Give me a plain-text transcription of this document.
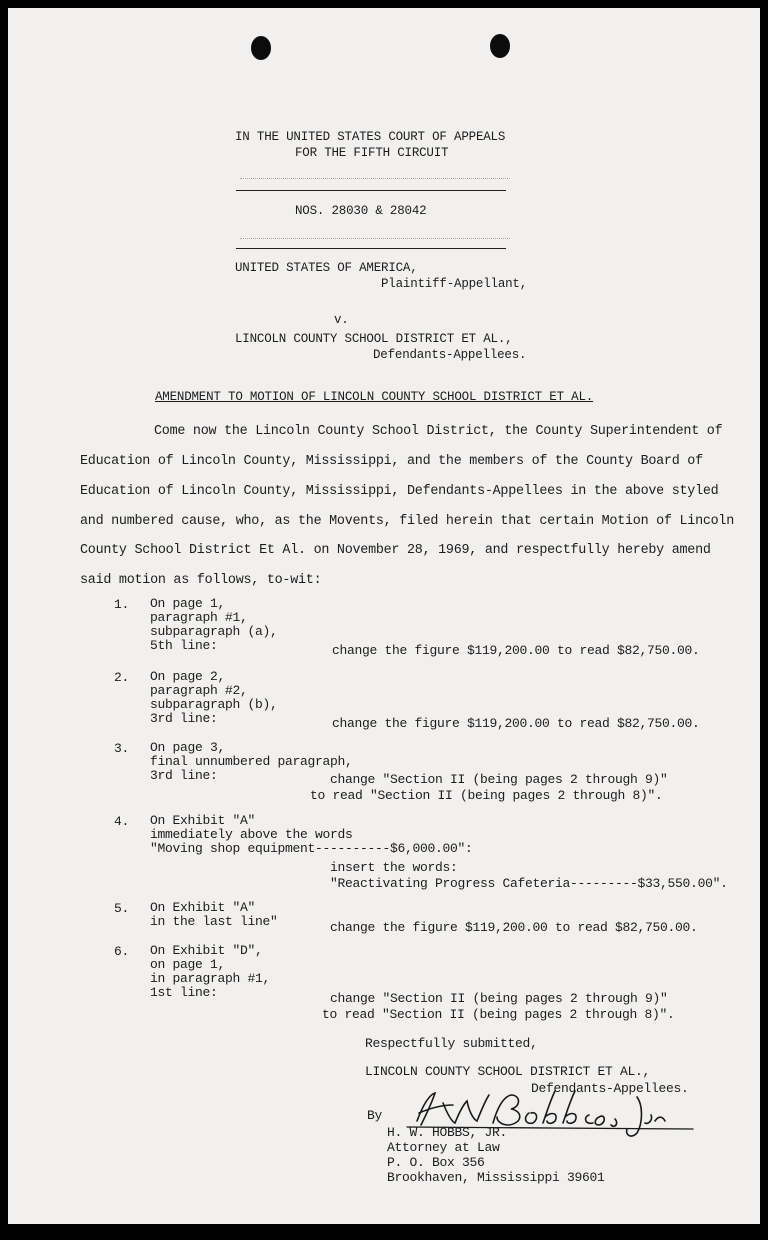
IN THE UNITED STATES COURT OF APPEALS
FOR THE FIFTH CIRCUIT
NOS. 28030 & 28042
UNITED STATES OF AMERICA,
Plaintiff-Appellant,
v.
LINCOLN COUNTY SCHOOL DISTRICT ET AL.,
Defendants-Appellees.
AMENDMENT TO MOTION OF LINCOLN COUNTY SCHOOL DISTRICT ET AL.
Come now the Lincoln County School District, the County Superintendent of
Education of Lincoln County, Mississippi, and the members of the County Board of
Education of Lincoln County, Mississippi, Defendants-Appellees in the above styled
and numbered cause, who, as the Movents, filed herein that certain Motion of Lincoln
County School District Et Al. on November 28, 1969, and respectfully hereby amend
said motion as follows, to-wit:
1. On page 1,
paragraph #1,
subparagraph (a),
5th line:	change the figure $119,200.00 to read $82,750.00.
2. On page 2,
paragraph #2,
subparagraph (b),
3rd line:	change the figure $119,200.00 to read $82,750.00.
3. On page 3,
final unnumbered paragraph,
3rd line:	change "Section II (being pages 2 through 9)"
to read "Section II (being pages 2 through 8)".
4. On Exhibit "A"
immediately above the words
"Moving shop equipment----------$6,000.00":
insert the words:
"Reactivating Progress Cafeteria---------$33,550.00".
5. On Exhibit "A"
in the last line"	change the figure $119,200.00 to read $82,750.00.
6. On Exhibit "D",
on page 1,
in paragraph #1,
1st line:	change "Section II (being pages 2 through 9)"
to read "Section II (being pages 2 through 8)".
Respectfully submitted,
LINCOLN COUNTY SCHOOL DISTRICT ET AL.,
Defendants-Appellees.
By
H. W. HOBBS, JR.
Attorney at Law
P. O. Box 356
Brookhaven, Mississippi 39601
